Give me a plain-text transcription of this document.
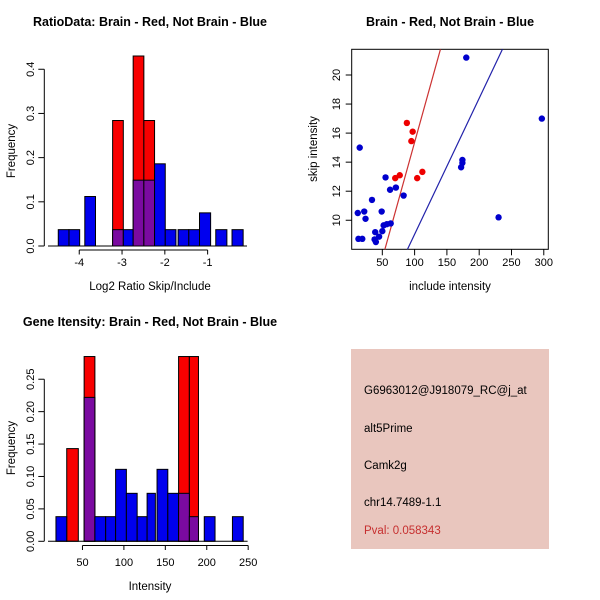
RatioData: Brain - Red, Not Brain - Blue
0.0
0.1
0.2
0.3
0.4
-4	-3	-2	-1
Log2 Ratio Skip/Include
Frequency
Brain - Red, Not Brain - Blue
50 100 150 200 250 300
10
12
14
16
18
20
include intensity
skip intensity
Gene Itensity: Brain - Red, Not Brain - Blue
0.00
0.05
0.10
0.15
0.20
0.25
50 100 150 200 250
Intensity
Frequency
G6963012@J918079_RC@j_at
alt5Prime
Camk2g
chr14.7489-1.1
Pval: 0.058343
